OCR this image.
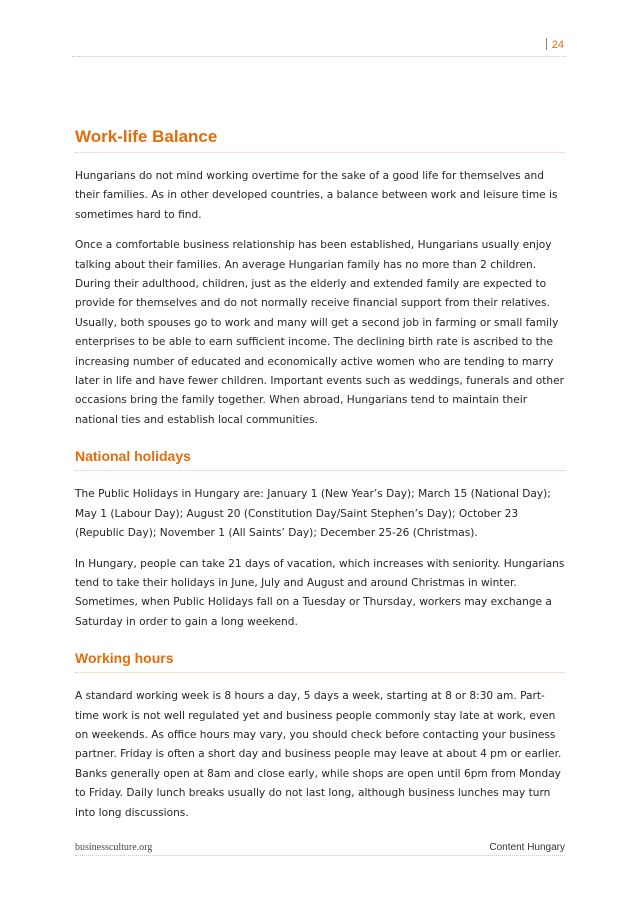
24
Work-life Balance

Hungarians do not mind working overtime for the sake of a good life for themselves and their families. As in other developed countries, a balance between work and leisure time is sometimes hard to find.

Once a comfortable business relationship has been established, Hungarians usually enjoy talking about their families. An average Hungarian family has no more than 2 children. During their adulthood, children, just as the elderly and extended family are expected to provide for themselves and do not normally receive financial support from their relatives. Usually, both spouses go to work and many will get a second job in farming or small family enterprises to be able to earn sufficient income. The declining birth rate is ascribed to the increasing number of educated and economically active women who are tending to marry later in life and have fewer children. Important events such as weddings, funerals and other occasions bring the family together. When abroad, Hungarians tend to maintain their national ties and establish local communities.

National holidays

The Public Holidays in Hungary are: January 1 (New Year’s Day); March 15 (National Day); May 1 (Labour Day); August 20 (Constitution Day/Saint Stephen’s Day); October 23 (Republic Day); November 1 (All Saints’ Day); December 25-26 (Christmas).

In Hungary, people can take 21 days of vacation, which increases with seniority. Hungarians tend to take their holidays in June, July and August and around Christmas in winter. Sometimes, when Public Holidays fall on a Tuesday or Thursday, workers may exchange a Saturday in order to gain a long weekend.

Working hours

A standard working week is 8 hours a day, 5 days a week, starting at 8 or 8:30 am. Part-time work is not well regulated yet and business people commonly stay late at work, even on weekends. As office hours may vary, you should check before contacting your business partner. Friday is often a short day and business people may leave at about 4 pm or earlier. Banks generally open at 8am and close early, while shops are open until 6pm from Monday to Friday. Daily lunch breaks usually do not last long, although business lunches may turn into long discussions.

businessculture.org	Content Hungary
